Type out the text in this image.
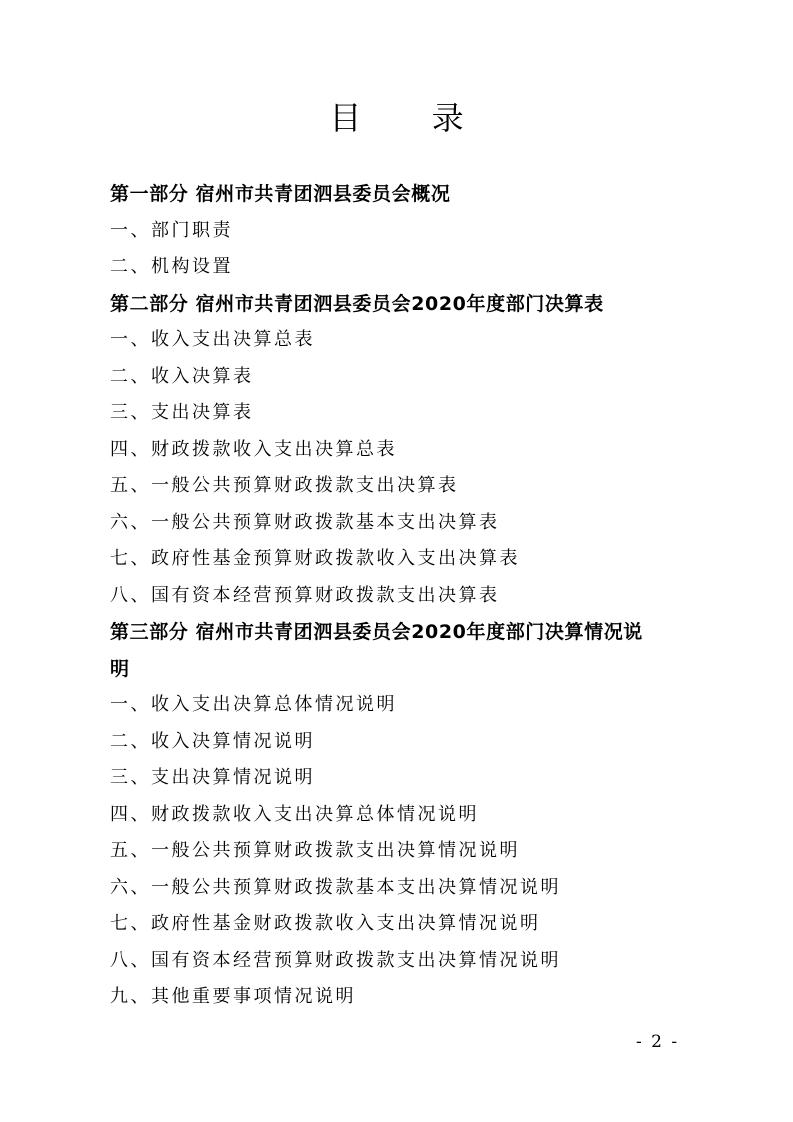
目 录
第一部分 宿州市共青团泗县委员会概况
一、部门职责
二、机构设置
第二部分 宿州市共青团泗县委员会2020年度部门决算表
一、收入支出决算总表
二、收入决算表
三、支出决算表
四、财政拨款收入支出决算总表
五、一般公共预算财政拨款支出决算表
六、一般公共预算财政拨款基本支出决算表
七、政府性基金预算财政拨款收入支出决算表
八、国有资本经营预算财政拨款支出决算表
第三部分 宿州市共青团泗县委员会2020年度部门决算情况说
明
一、收入支出决算总体情况说明
二、收入决算情况说明
三、支出决算情况说明
四、财政拨款收入支出决算总体情况说明
五、一般公共预算财政拨款支出决算情况说明
六、一般公共预算财政拨款基本支出决算情况说明
七、政府性基金财政拨款收入支出决算情况说明
八、国有资本经营预算财政拨款支出决算情况说明
九、其他重要事项情况说明
- 2 -
